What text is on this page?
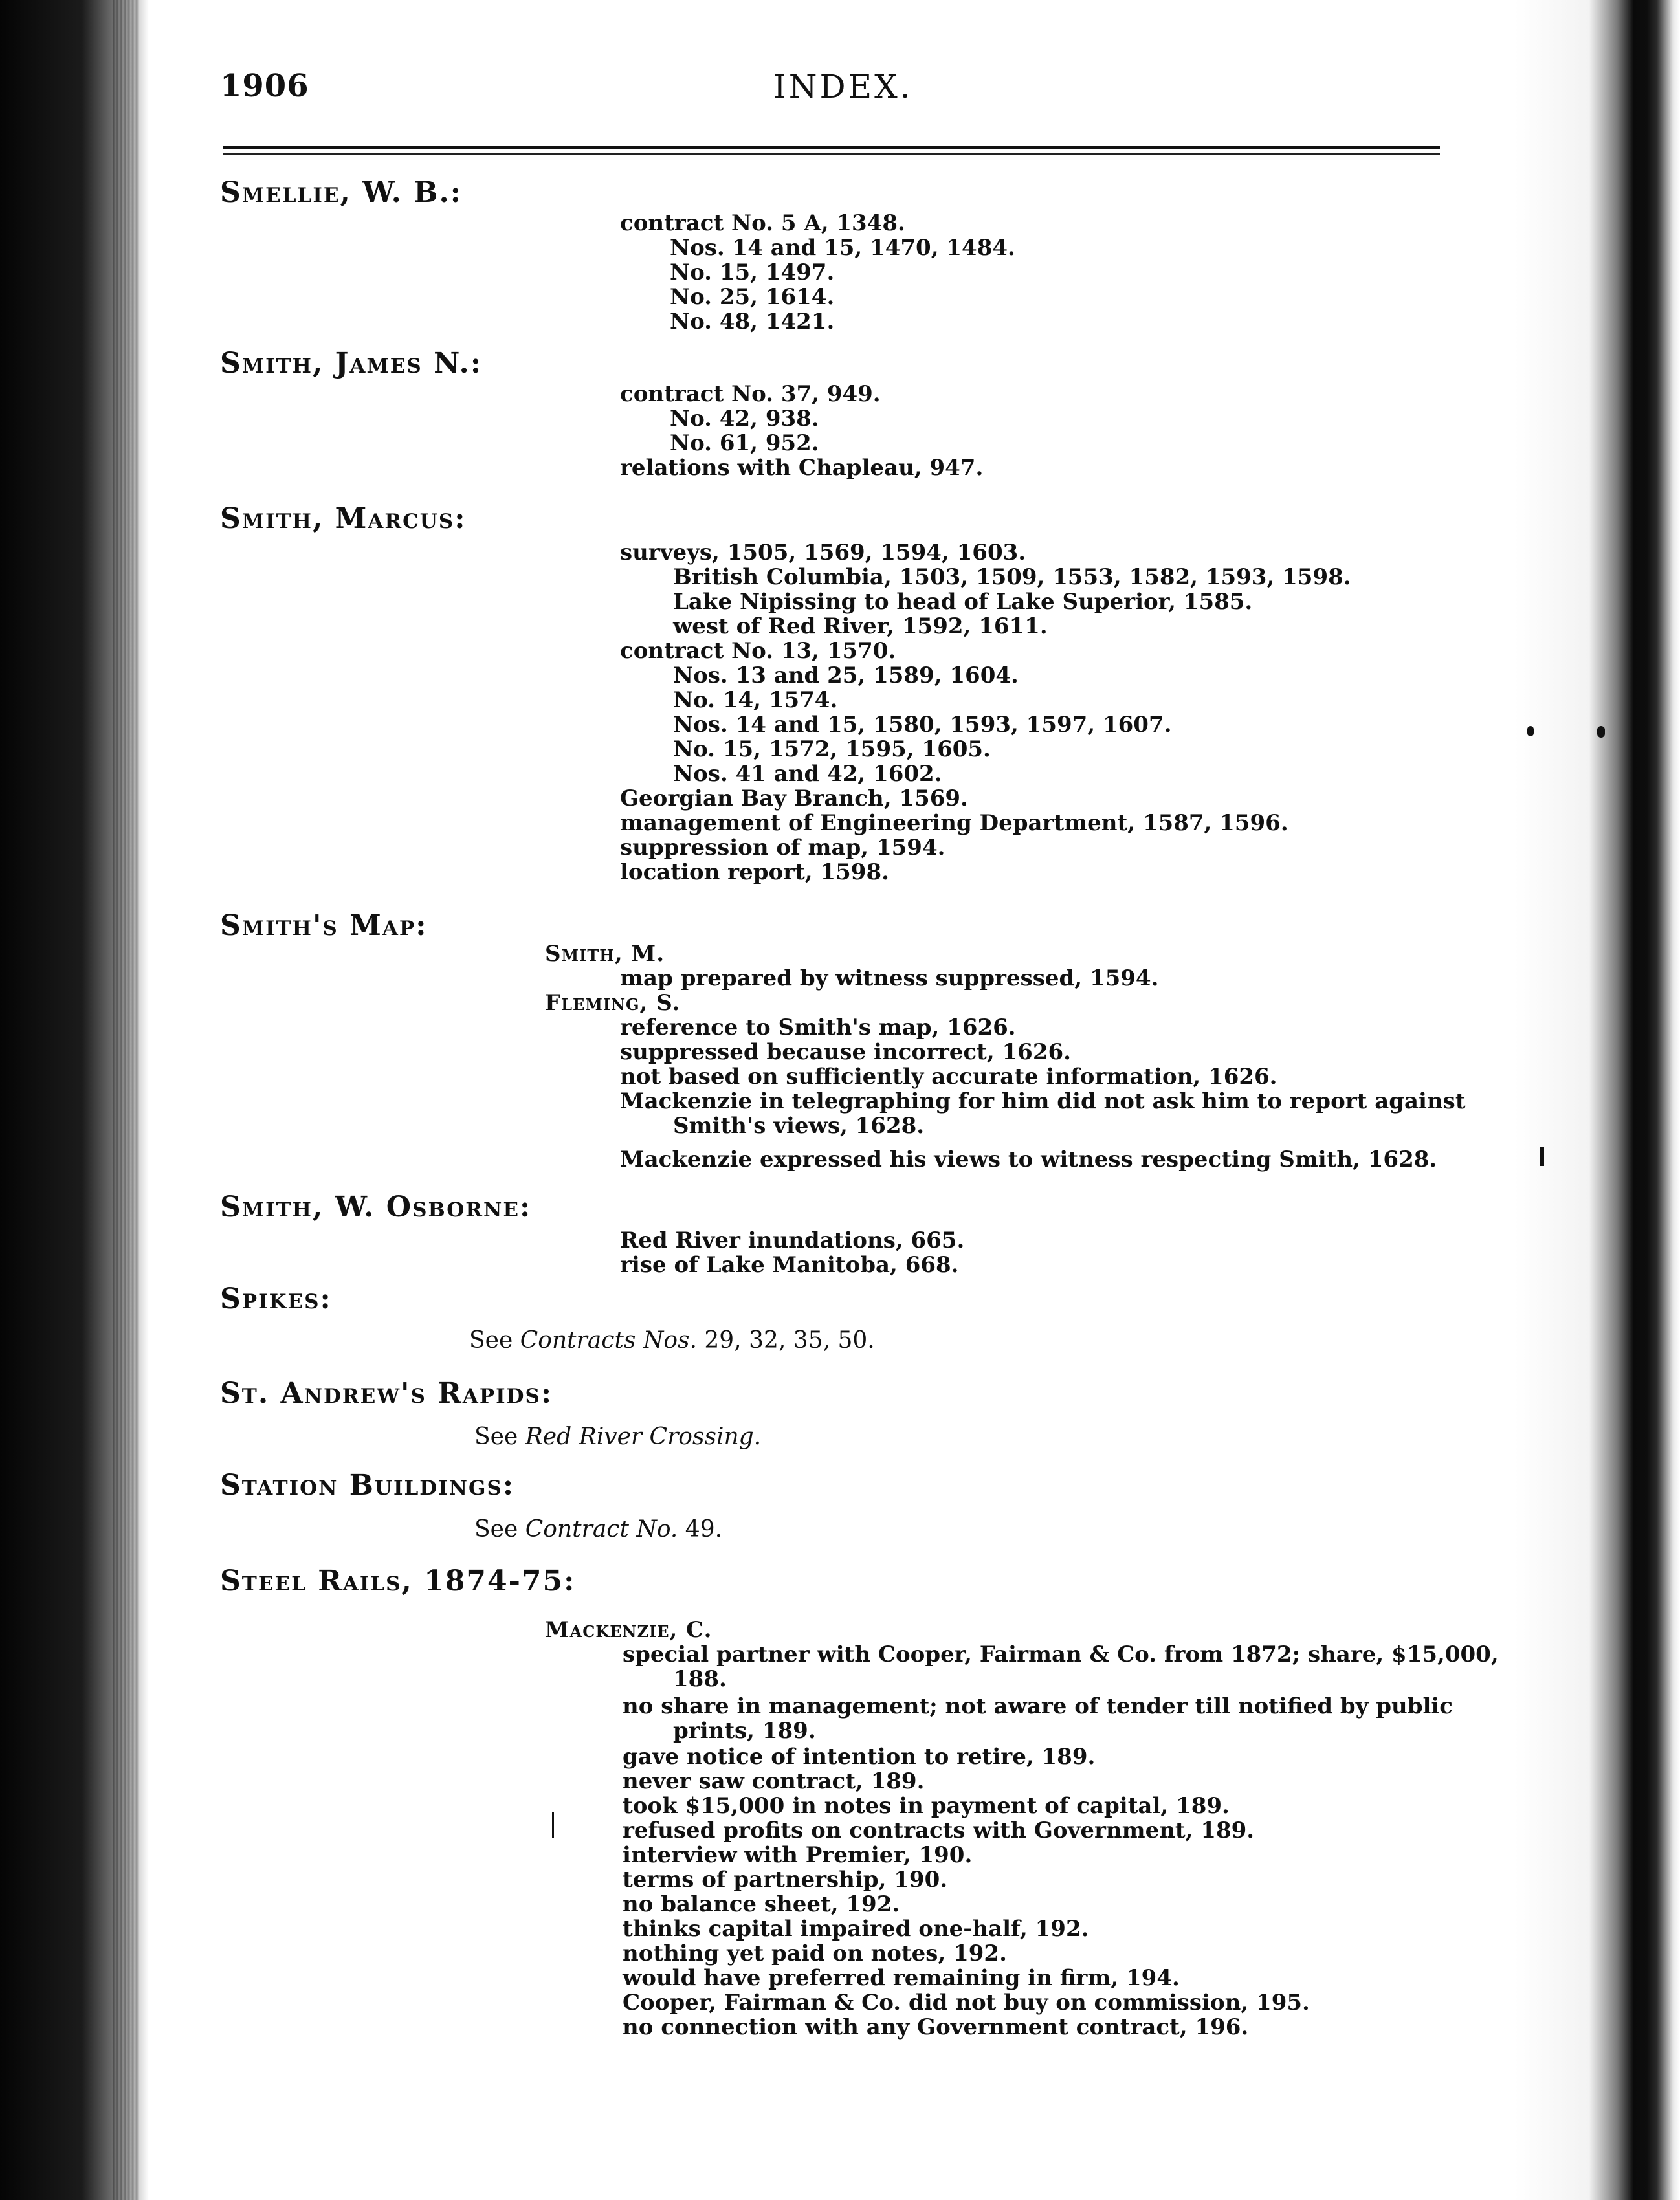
1906	INDEX.
Smellie, W. B.:
contract No. 5 A, 1348.
Nos. 14 and 15, 1470, 1484.
No. 15, 1497.
No. 25, 1614.
No. 48, 1421.
Smith, James N.:
contract No. 37, 949.
No. 42, 938.
No. 61, 952.
relations with Chapleau, 947.
Smith, Marcus:
surveys, 1505, 1569, 1594, 1603.
British Columbia, 1503, 1509, 1553, 1582, 1593, 1598.
Lake Nipissing to head of Lake Superior, 1585.
west of Red River, 1592, 1611.
contract No. 13, 1570.
Nos. 13 and 25, 1589, 1604.
No. 14, 1574.
Nos. 14 and 15, 1580, 1593, 1597, 1607.
No. 15, 1572, 1595, 1605.
Nos. 41 and 42, 1602.
Georgian Bay Branch, 1569.
management of Engineering Department, 1587, 1596.
suppression of map, 1594.
location report, 1598.
Smith's Map:
Smith, M.
map prepared by witness suppressed, 1594.
Fleming, S.
reference to Smith's map, 1626.
suppressed because incorrect, 1626.
not based on sufficiently accurate information, 1626.
Mackenzie in telegraphing for him did not ask him to report against
Smith's views, 1628.
Mackenzie expressed his views to witness respecting Smith, 1628.
Smith, W. Osborne:
Red River inundations, 665.
rise of Lake Manitoba, 668.
Spikes:
See Contracts Nos. 29, 32, 35, 50.
St. Andrew's Rapids:
See Red River Crossing.
Station Buildings:
See Contract No. 49.
Steel Rails, 1874-75:
Mackenzie, C.
special partner with Cooper, Fairman & Co. from 1872; share, $15,000,
188.
no share in management; not aware of tender till notified by public
prints, 189.
gave notice of intention to retire, 189.
never saw contract, 189.
took $15,000 in notes in payment of capital, 189.
refused profits on contracts with Government, 189.
interview with Premier, 190.
terms of partnership, 190.
no balance sheet, 192.
thinks capital impaired one-half, 192.
nothing yet paid on notes, 192.
would have preferred remaining in firm, 194.
Cooper, Fairman & Co. did not buy on commission, 195.
no connection with any Government contract, 196.
